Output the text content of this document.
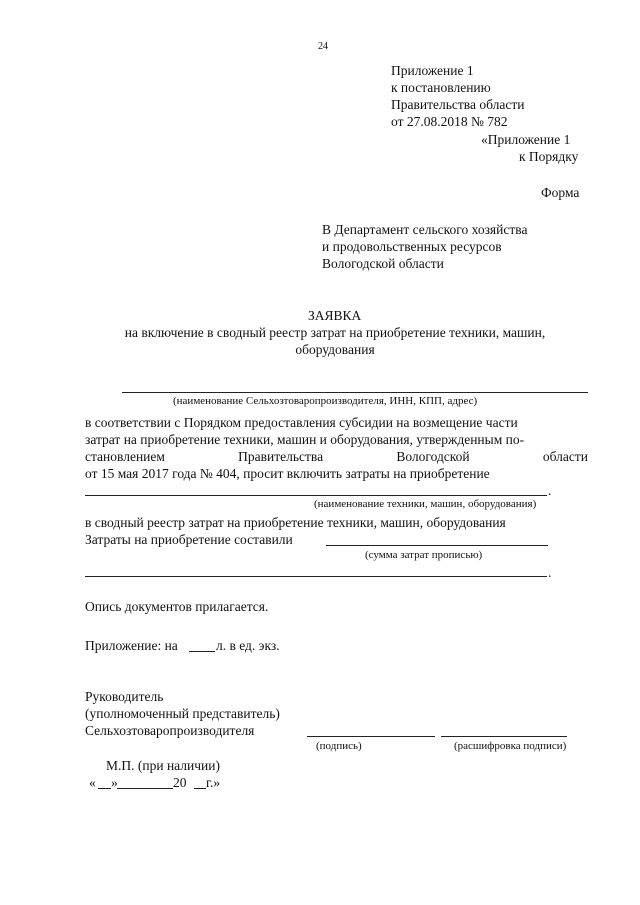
24
Приложение 1
к постановлению
Правительства области
от 27.08.2018 № 782
«Приложение 1
к Порядку
Форма
В Департамент сельского хозяйства
и продовольственных ресурсов
Вологодской области
ЗАЯВКА
на включение в сводный реестр затрат на приобретение техники, машин,
оборудования
(наименование Сельхозтоваропроизводителя, ИНН, КПП, адрес)
в соответствии с Порядком предоставления субсидии на возмещение части
затрат на приобретение техники, машин и оборудования, утвержденным по-
становлением	Правительства	Вологодской	области
от 15 мая 2017 года № 404, просит включить затраты на приобретение
.
(наименование техники, машин, оборудования)
в сводный реестр затрат на приобретение техники, машин, оборудования
Затраты на приобретение составили
(сумма затрат прописью)
.
Опись документов прилагается.
Приложение: на	л. в ед. экз.
Руководитель
(уполномоченный представитель)
Сельхозтоваропроизводителя
(подпись)	(расшифровка подписи)
М.П. (при наличии)
« »	20 г.»
